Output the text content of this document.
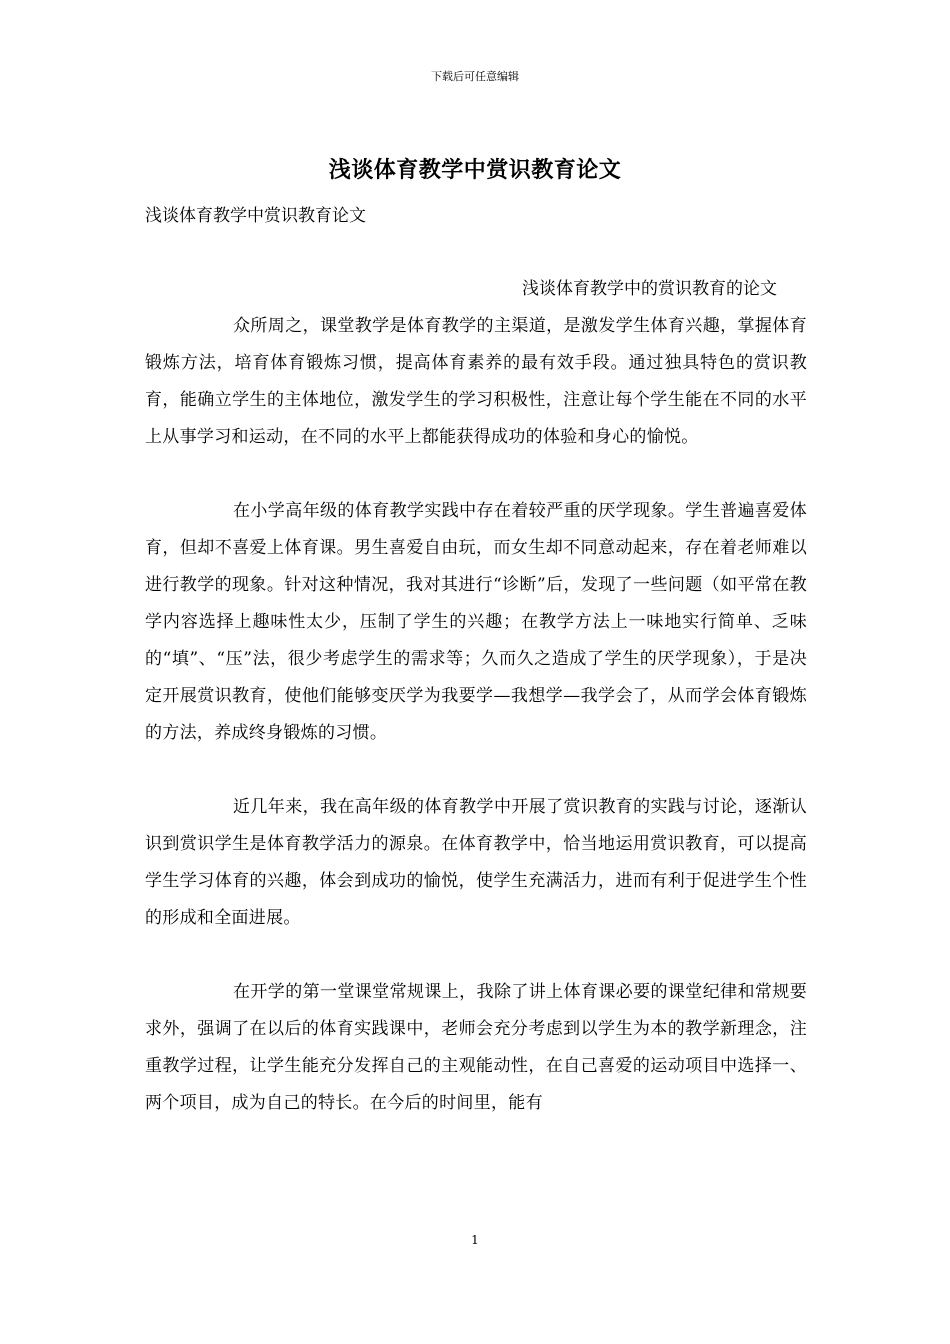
下载后可任意编辑
浅谈体育教学中赏识教育论文
浅谈体育教学中赏识教育论文

浅谈体育教学中的赏识教育的论文

众所周之，课堂教学是体育教学的主渠道，是激发学生体育兴趣，掌握体育锻炼方法，培育体育锻炼习惯，提高体育素养的最有效手段。通过独具特色的赏识教育，能确立学生的主体地位，激发学生的学习积极性，注意让每个学生能在不同的水平上从事学习和运动，在不同的水平上都能获得成功的体验和身心的愉悦。

在小学高年级的体育教学实践中存在着较严重的厌学现象。学生普遍喜爱体育，但却不喜爱上体育课。男生喜爱自由玩，而女生却不同意动起来，存在着老师难以进行教学的现象。针对这种情况，我对其进行“诊断”后，发现了一些问题（如平常在教学内容选择上趣味性太少，压制了学生的兴趣；在教学方法上一味地实行简单、乏味的“填”、“压”法，很少考虑学生的需求等；久而久之造成了学生的厌学现象），于是决定开展赏识教育，使他们能够变厌学为我要学—我想学—我学会了，从而学会体育锻炼的方法，养成终身锻炼的习惯。

近几年来，我在高年级的体育教学中开展了赏识教育的实践与讨论，逐渐认识到赏识学生是体育教学活力的源泉。在体育教学中，恰当地运用赏识教育，可以提高学生学习体育的兴趣，体会到成功的愉悦，使学生充满活力，进而有利于促进学生个性的形成和全面进展。

在开学的第一堂课堂常规课上，我除了讲上体育课必要的课堂纪律和常规要求外，强调了在以后的体育实践课中，老师会充分考虑到以学生为本的教学新理念，注重教学过程，让学生能充分发挥自己的主观能动性，在自己喜爱的运动项目中选择一、两个项目，成为自己的特长。在今后的时间里，能有

1
